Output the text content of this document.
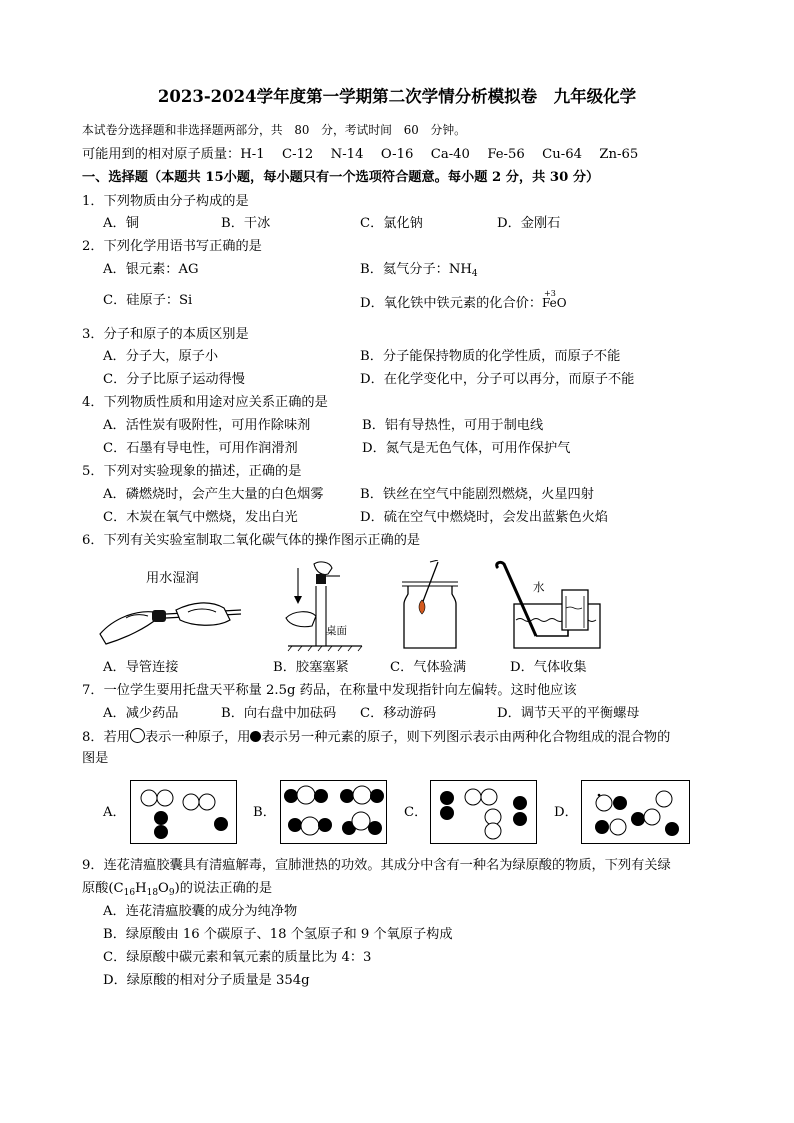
2023-2024学年度第一学期第二次学情分析模拟卷　九年级化学
本试卷分选择题和非选择题两部分，共　80　分，考试时间　60　分钟。
可能用到的相对原子质量：H-1　 C-12　 N-14　 O-16　 Ca-40　 Fe-56　 Cu-64　 Zn-65
一、选择题（本题共 15小题，每小题只有一个选项符合题意。每小题 2 分，共 30 分）
1．下列物质由分子构成的是
A．铜	B．干冰	C．氯化钠	D．金刚石
2．下列化学用语书写正确的是
A．银元素：AG	B．氦气分子：$NH_4$
C．硅原子：Si	D．氧化铁中铁元素的化合价：
+3
FeO
3．分子和原子的本质区别是
A．分子大，原子小	B．分子能保持物质的化学性质，而原子不能
C．分子比原子运动得慢	D．在化学变化中，分子可以再分，而原子不能
4．下列物质性质和用途对应关系正确的是
A．活性炭有吸附性，可用作除味剂	B．铝有导热性，可用于制电线
C．石墨有导电性，可用作润滑剂	D．氮气是无色气体，可用作保护气
5．下列对实验现象的描述，正确的是
A．磷燃烧时，会产生大量的白色烟雾	B．铁丝在空气中能剧烈燃烧，火星四射
C．木炭在氧气中燃烧，发出白光	D．硫在空气中燃烧时，会发出蓝紫色火焰
6．下列有关实验室制取二氧化碳气体的操作图示正确的是
用水湿润
桌面
水
A．导管连接	B．胶塞塞紧	C．气体验满	D．气体收集
7．一位学生要用托盘天平称量 2.5g 药品，在称量中发现指针向左偏转。这时他应该
A．减少药品	B．向右盘中加砝码 C．移动游码	D．调节天平的平衡螺母
8．若用 表示一种原子，用 表示另一种元素的原子，则下列图示表示由两种化合物组成的混合物的
图是
A．	B．	C．	D．
9．连花清瘟胶囊具有清瘟解毒，宣肺泄热的功效。其成分中含有一种名为绿原酸的物质，下列有关绿
原酸$(C_{16}H_{18}O_9)$的说法正确的是
A．连花清瘟胶囊的成分为纯净物
B．绿原酸由 16 个碳原子、18 个氢原子和 9 个氧原子构成
C．绿原酸中碳元素和氧元素的质量比为 4：3
D．绿原酸的相对分子质量是 354g
